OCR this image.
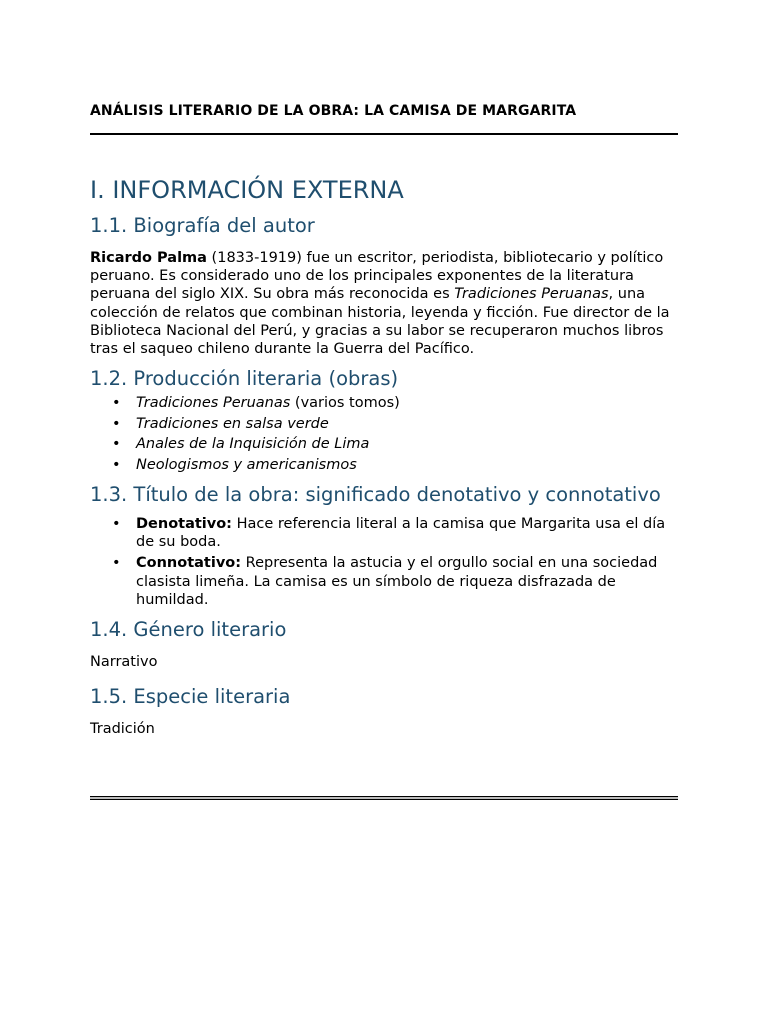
ANÁLISIS LITERARIO DE LA OBRA: LA CAMISA DE MARGARITA
I. INFORMACIÓN EXTERNA
1.1. Biografía del autor

Ricardo Palma (1833-1919) fue un escritor, periodista, bibliotecario y político peruano. Es considerado uno de los principales exponentes de la literatura peruana del siglo XIX. Su obra más reconocida es Tradiciones Peruanas, una colección de relatos que combinan historia, leyenda y ficción. Fue director de la Biblioteca Nacional del Perú, y gracias a su labor se recuperaron muchos libros tras el saqueo chileno durante la Guerra del Pacífico.

1.2. Producción literaria (obras)
• Tradiciones Peruanas (varios tomos)
• Tradiciones en salsa verde
• Anales de la Inquisición de Lima
• Neologismos y americanismos
1.3. Título de la obra: significado denotativo y connotativo
• Denotativo: Hace referencia literal a la camisa que Margarita usa el día de su boda.
• Connotativo: Representa la astucia y el orgullo social en una sociedad clasista limeña. La camisa es un símbolo de riqueza disfrazada de humildad.
1.4. Género literario

Narrativo

1.5. Especie literaria

Tradición
